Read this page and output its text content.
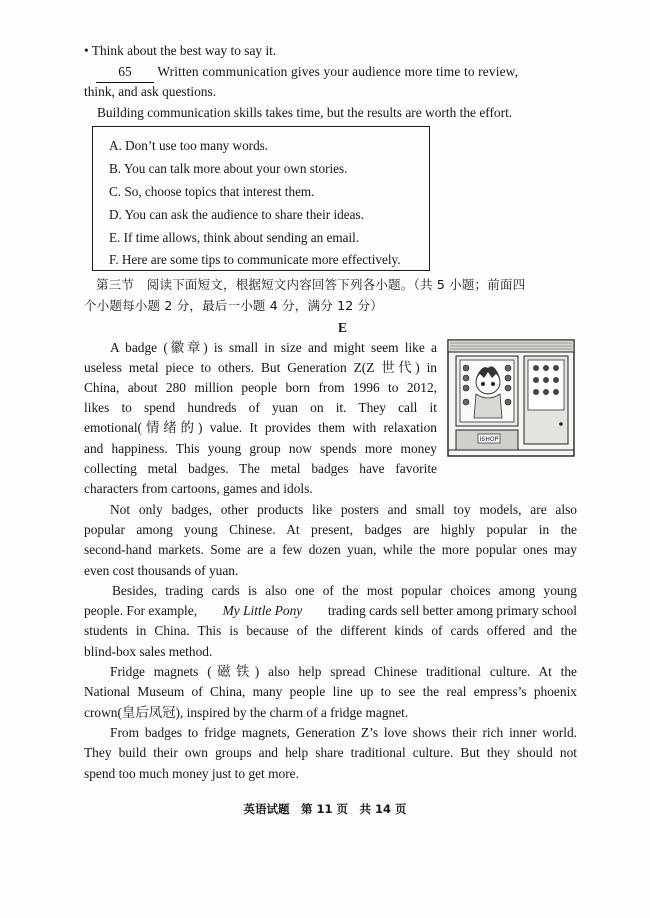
• Think about the best way to say it.
65 Written communication gives your audience more time to review,
think, and ask questions.
Building communication skills takes time, but the results are worth the effort.
A. Don’t use too many words.
B. You can talk more about your own stories.
C. So, choose topics that interest them.
D. You can ask the audience to share their ideas.
E. If time allows, think about sending an email.
F. Here are some tips to communicate more effectively.
第三节　阅读下面短文，根据短文内容回答下列各小题。（共 5 小题；前面四
个小题每小题 2 分，最后一小题 4 分，满分 12 分）
E
A badge (徽章) is small in size and might seem like a
useless metal piece to others. But Generation Z(Z 世代) in
China, about 280 million people born from 1996 to 2012,
likes to spend hundreds of yuan on it. They call it
emotional(情绪的) value. It provides them with relaxation
and happiness. This young group now spends more money
collecting metal badges. The metal badges have favorite
characters from cartoons, games and idols.
ISHOP
Not only badges, other products like posters and small toy models, are also
popular among young Chinese. At present, badges are highly popular in the
second-hand markets. Some are a few dozen yuan, while the more popular ones may
even cost thousands of yuan.
Besides, trading cards is also one of the most popular choices among young
people. For example, My Little Pony trading cards sell better among primary school
students in China. This is because of the different kinds of cards offered and the
blind-box sales method.
Fridge magnets (磁铁) also help spread Chinese traditional culture. At the
National Museum of China, many people line up to see the real empress’s phoenix
crown(皇后凤冠), inspired by the charm of a fridge magnet.
From badges to fridge magnets, Generation Z’s love shows their rich inner world.
They build their own groups and help share traditional culture. But they should not
spend too much money just to get more.
英语试题　第 11 页　共 14 页
